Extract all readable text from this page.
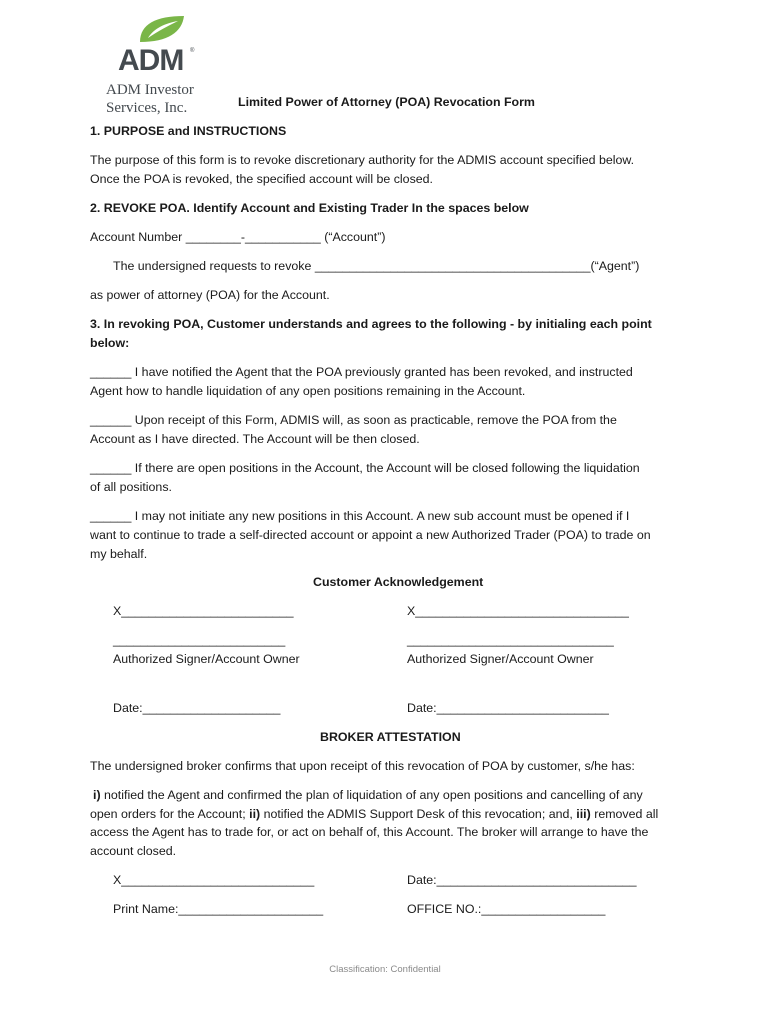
ADM ®
ADM Investor
Services, Inc.	Limited Power of Attorney (POA) Revocation Form
1. PURPOSE and INSTRUCTIONS
The purpose of this form is to revoke discretionary authority for the ADMIS account specified below.
Once the POA is revoked, the specified account will be closed.
2. REVOKE POA. Identify Account and Existing Trader In the spaces below
Account Number ________-___________ (“Account”)
The undersigned requests to revoke ________________________________________(“Agent”)
as power of attorney (POA) for the Account.
3. In revoking POA, Customer understands and agrees to the following - by initialing each point
below:
______ I have notified the Agent that the POA previously granted has been revoked, and instructed
Agent how to handle liquidation of any open positions remaining in the Account.
______ Upon receipt of this Form, ADMIS will, as soon as practicable, remove the POA from the
Account as I have directed. The Account will be then closed.
______ If there are open positions in the Account, the Account will be closed following the liquidation
of all positions.
______ I may not initiate any new positions in this Account. A new sub account must be opened if I
want to continue to trade a self-directed account or appoint a new Authorized Trader (POA) to trade on
my behalf.
Customer Acknowledgement
X_________________________	X_______________________________
_________________________	______________________________
Authorized Signer/Account Owner	Authorized Signer/Account Owner
Date:____________________	Date:_________________________
BROKER ATTESTATION
The undersigned broker confirms that upon receipt of this revocation of POA by customer, s/he has:
i) notified the Agent and confirmed the plan of liquidation of any open positions and cancelling of any
open orders for the Account; ii) notified the ADMIS Support Desk of this revocation; and, iii) removed all
access the Agent has to trade for, or act on behalf of, this Account. The broker will arrange to have the
account closed.
X____________________________	Date:_____________________________
Print Name:_____________________	OFFICE NO.:__________________
Classification: Confidential
